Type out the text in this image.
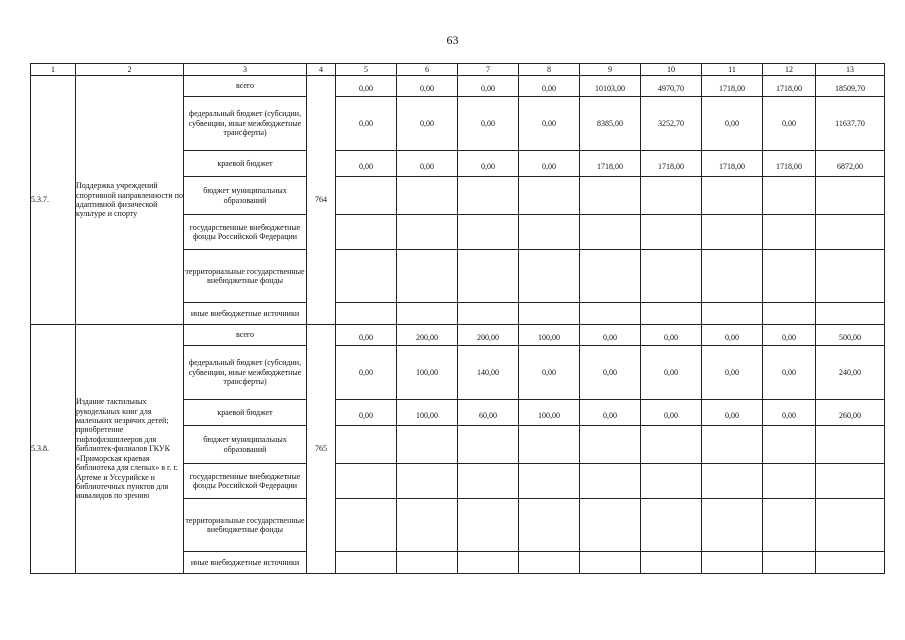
63
1	2	3	4	5	6	7	8	9	10	11	12	13
5.3.7.	Поддержка учреждений спортивной направленности по адаптивной физической культуре и спорту	всего	764	0,00	0,00	0,00	0,00	10103,00	4970,70	1718,00	1718,00	18509,70
		федеральный бюджет (субсидии, субвенции, иные межбюджетные трансферты)		0,00	0,00	0,00	0,00	8385,00	3252,70	0,00	0,00	11637,70
		краевой бюджет		0,00	0,00	0,00	0,00	1718,00	1718,00	1718,00	1718,00	6872,00
		бюджет муниципальных образований										
		государственные внебюджетные фонды Российской Федерации										
		территориальные государственные внебюджетные фонды										
		иные внебюджетные источники										
5.3.8.	Издание тактильных рукодельных книг для маленьких незрячих детей; приобретение тифлофлэшплееров для библиотек-филиалов ГКУК «Приморская краевая библиотека для слепых» в г. г. Артеме и Уссурийске и библиотечных пунктов для инвалидов по зрению	всего	765	0,00	200,00	200,00	100,00	0,00	0,00	0,00	0,00	500,00
		федеральный бюджет (субсидии, субвенции, иные межбюджетные трансферты)		0,00	100,00	140,00	0,00	0,00	0,00	0,00	0,00	240,00
		краевой бюджет		0,00	100,00	60,00	100,00	0,00	0,00	0,00	0,00	260,00
		бюджет муниципальных образований										
		государственные внебюджетные фонды Российской Федерации										
		территориальные государственные внебюджетные фонды										
		иные внебюджетные источники										
